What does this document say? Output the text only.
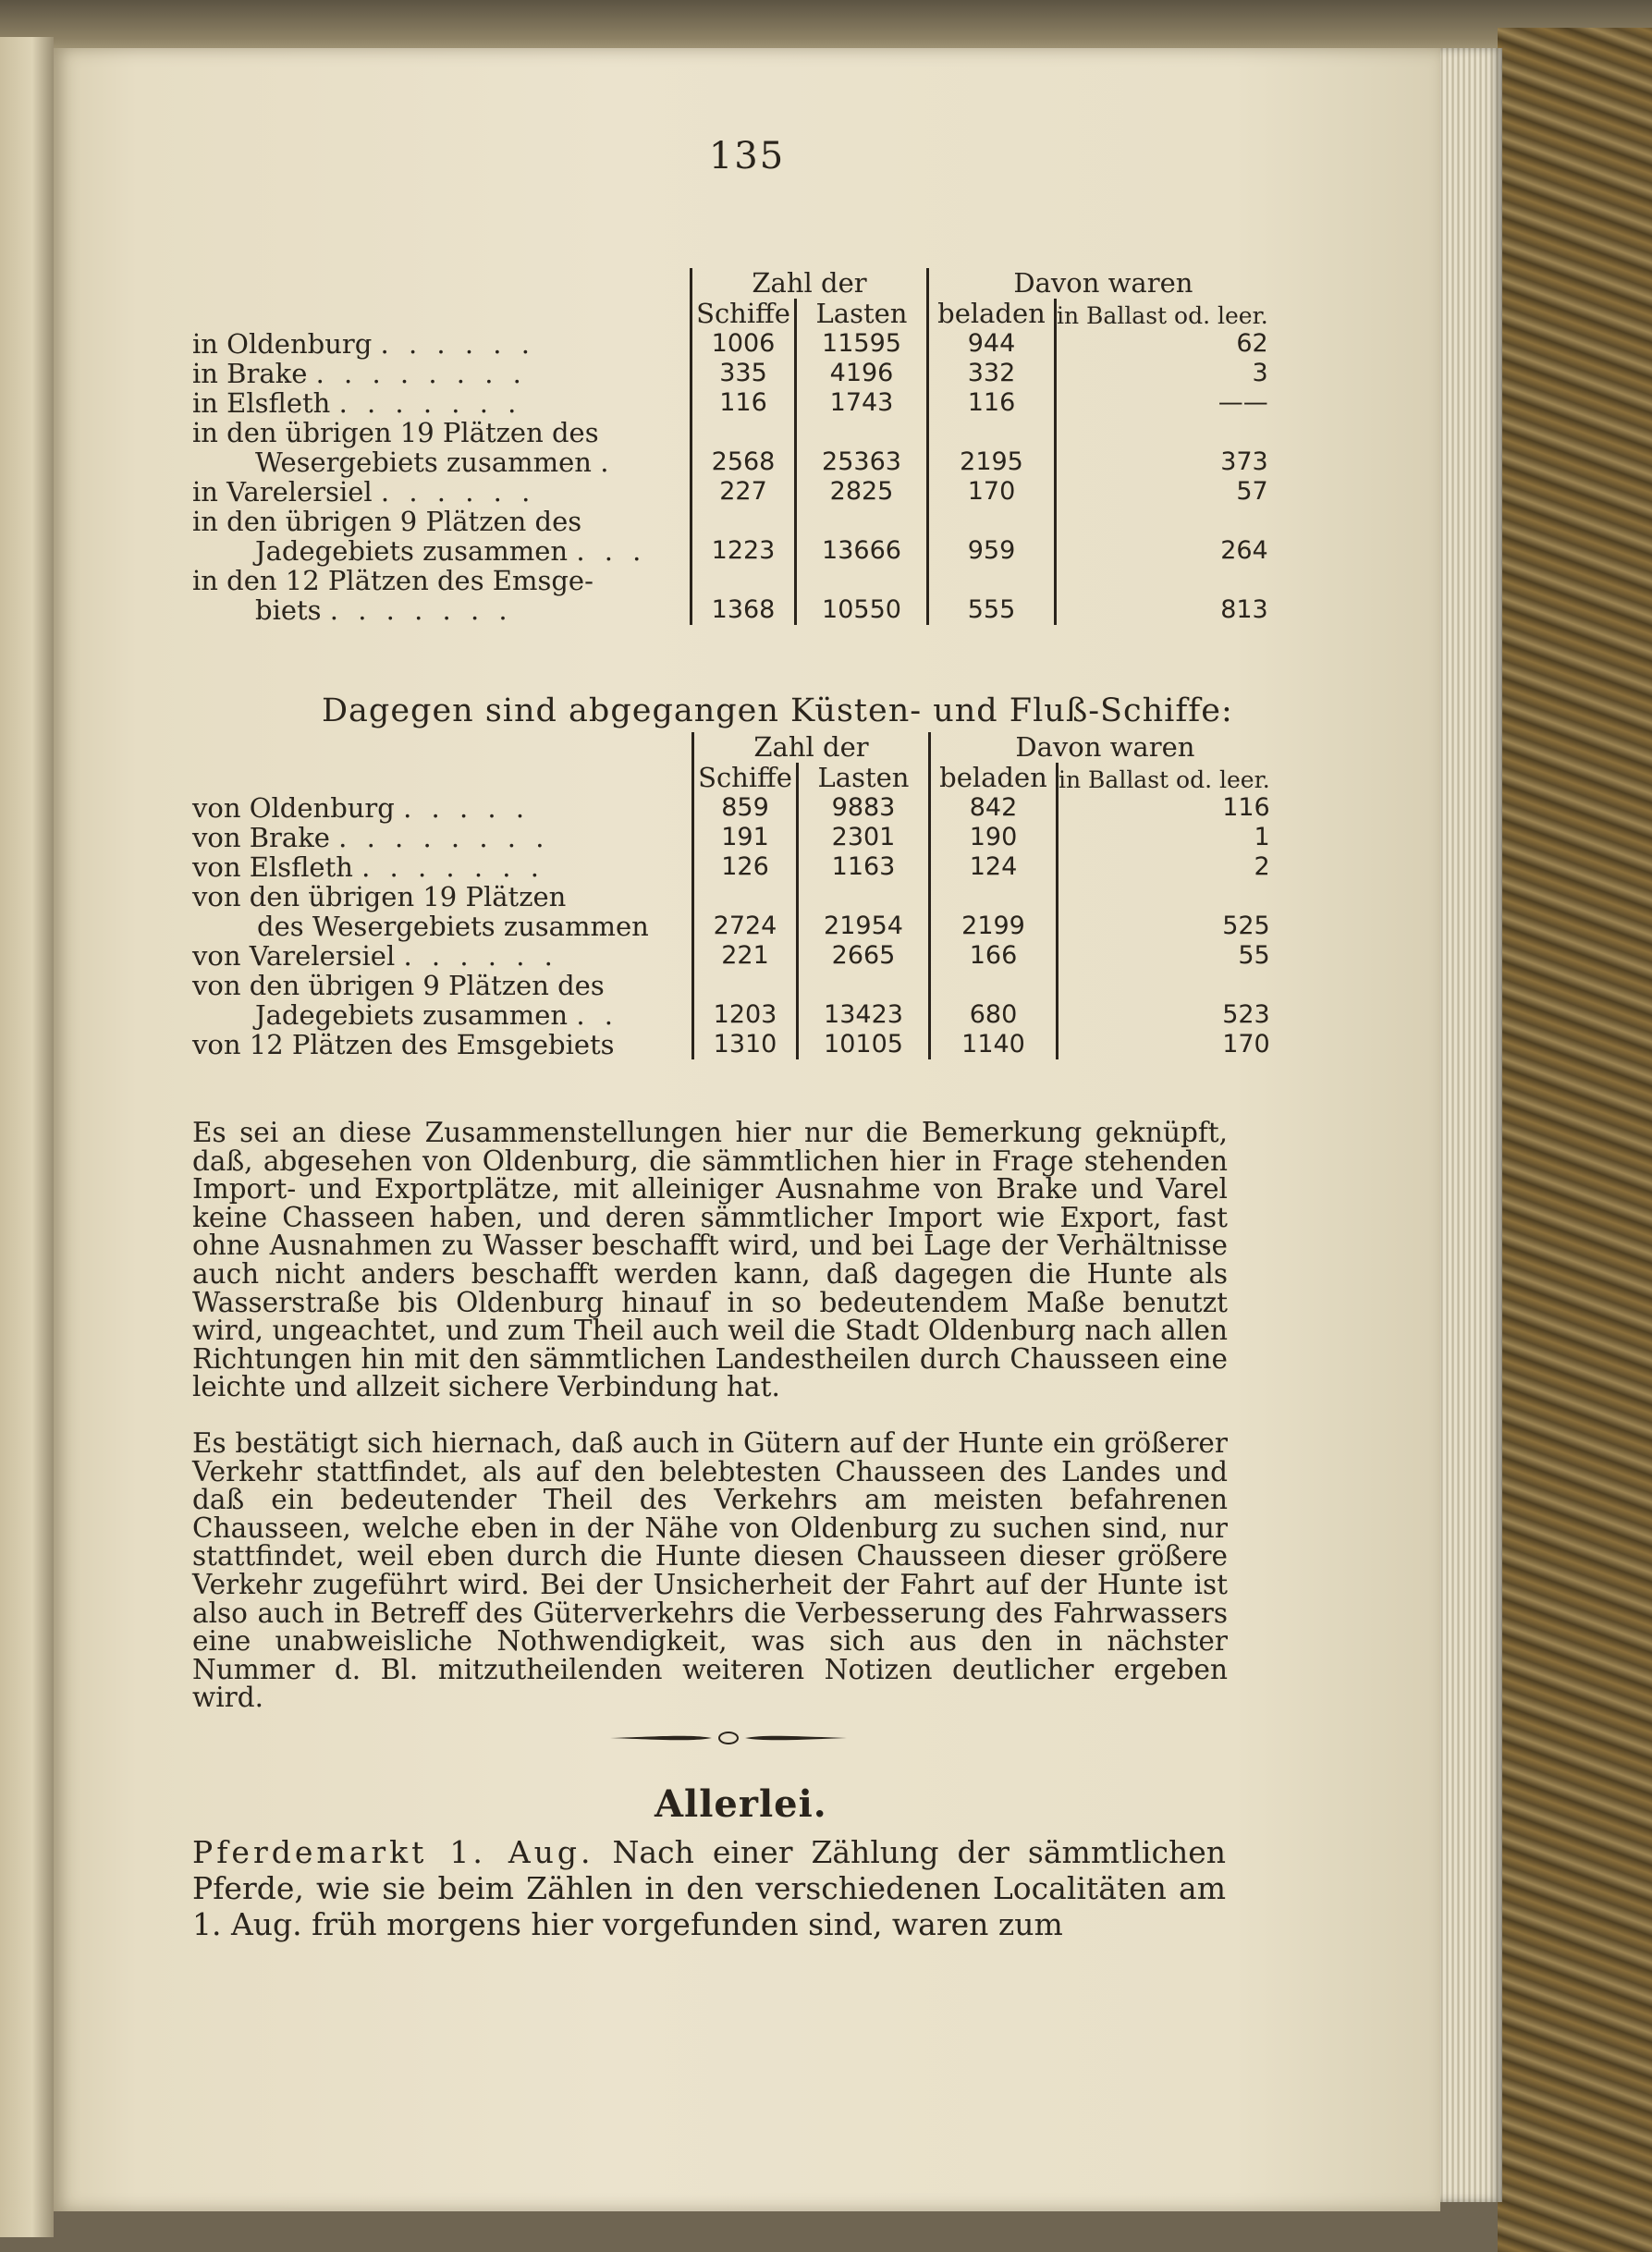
135
	Zahl der		Davon waren	
	Schiffe	Lasten	beladen	in Ballast od. leer.
in Oldenburg . . . . . .	1006	11595	944	62
in Brake . . . . . . . .	335	4196	332	3
in Elsfleth . . . . . . .	116	1743	116	——
in den übrigen 19 Plätzen des				
Wesergebiets zusammen .	2568	25363	2195	373
in Varelersiel . . . . . .	227	2825	170	57
in den übrigen 9 Plätzen des				
Jadegebiets zusammen . . .	1223	13666	959	264
in den 12 Plätzen des Emsge-				
biets . . . . . . .	1368	10550	555	813
Dagegen sind abgegangen Küsten- und Fluß-Schiffe:
	Zahl der		Davon waren	
	Schiffe	Lasten	beladen	in Ballast od. leer.
von Oldenburg . . . . .	859	9883	842	116
von Brake . . . . . . . .	191	2301	190	1
von Elsfleth . . . . . . .	126	1163	124	2
von den übrigen 19 Plätzen				
des Wesergebiets zusammen	2724	21954	2199	525
von Varelersiel . . . . . .	221	2665	166	55
von den übrigen 9 Plätzen des				
Jadegebiets zusammen . .	1203	13423	680	523
von 12 Plätzen des Emsgebiets	1310	10105	1140	170

Es sei an diese Zusammenstellungen hier nur die Bemerkung geknüpft, daß, abgesehen von Oldenburg, die sämmtlichen hier in Frage stehenden Import- und Exportplätze, mit alleiniger Ausnahme von Brake und Varel keine Chasseen haben, und deren sämmtlicher Import wie Export, fast ohne Ausnahmen zu Wasser beschafft wird, und bei Lage der Verhältnisse auch nicht anders beschafft werden kann, daß dagegen die Hunte als Wasserstraße bis Oldenburg hinauf in so bedeutendem Maße benutzt wird, ungeachtet, und zum Theil auch weil die Stadt Oldenburg nach allen Richtungen hin mit den sämmtlichen Landestheilen durch Chausseen eine leichte und allzeit sichere Verbindung hat.

Es bestätigt sich hiernach, daß auch in Gütern auf der Hunte ein größerer Verkehr stattfindet, als auf den belebtesten Chausseen des Landes und daß ein bedeutender Theil des Verkehrs am meisten befahrenen Chausseen, welche eben in der Nähe von Oldenburg zu suchen sind, nur stattfindet, weil eben durch die Hunte diesen Chausseen dieser größere Verkehr zugeführt wird. Bei der Unsicherheit der Fahrt auf der Hunte ist also auch in Betreff des Güterverkehrs die Verbesserung des Fahrwassers eine unabweisliche Nothwendigkeit, was sich aus den in nächster Nummer d. Bl. mitzutheilenden weiteren Notizen deutlicher ergeben wird.

Allerlei.

Pferdemarkt 1. Aug. Nach einer Zählung der sämmtlichen Pferde, wie sie beim Zählen in den verschiedenen Localitäten am 1. Aug. früh morgens hier vorgefunden sind, waren zum
